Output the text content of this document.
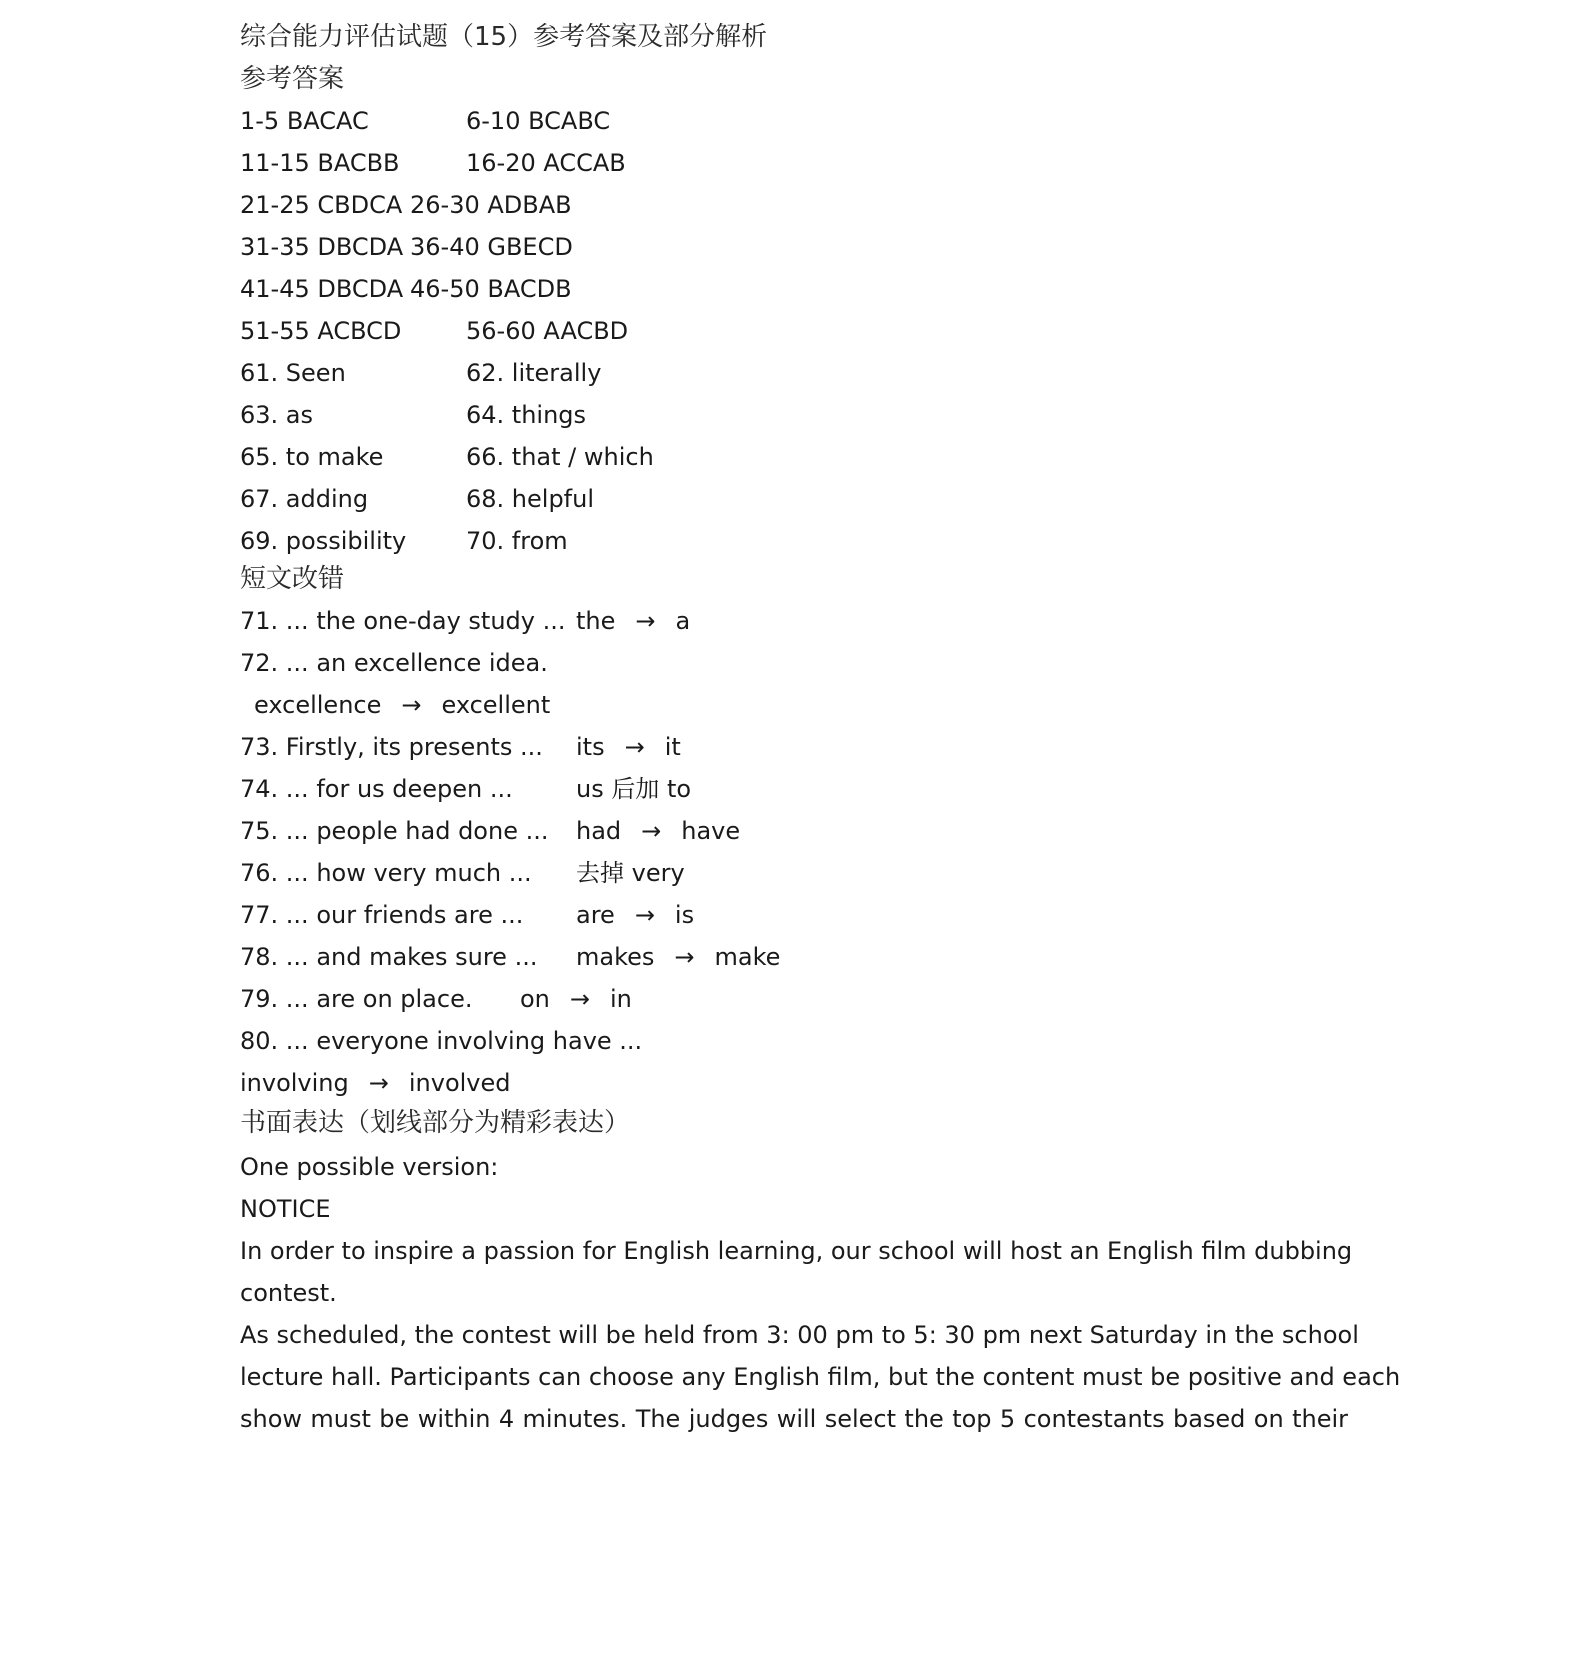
综合能力评估试题（15）参考答案及部分解析
参考答案
1-5 BACAC	6-10 BCABC
11-15 BACBB	16-20 ACCAB
21-25 CBDCA 26-30 ADBAB
31-35 DBCDA 36-40 GBECD
41-45 DBCDA 46-50 BACDB
51-55 ACBCD	56-60 AACBD
61. Seen	62. literally
63. as	64. things
65. to make	66. that / which
67. adding	68. helpful
69. possibility 70. from
短文改错
71. ... the one-day study ... the → a
72. ... an excellence idea.
excellence → excellent
73. Firstly, its presents ... its → it
74. ... for us deepen ...	us 后加 to
75. ... people had done ... had → have
76. ... how very much ... 去掉 very
77. ... our friends are ... are → is
78. ... and makes sure ... makes → make
79. ... are on place. on → in
80. ... everyone involving have ...
involving → involved
书面表达（划线部分为精彩表达）
One possible version:
NOTICE
In order to inspire a passion for English learning, our school will host an English film dubbing
contest.
As scheduled, the contest will be held from 3: 00 pm to 5: 30 pm next Saturday in the school
lecture hall. Participants can choose any English film, but the content must be positive and each
show must be within 4 minutes. The judges will select the top 5 contestants based on their
